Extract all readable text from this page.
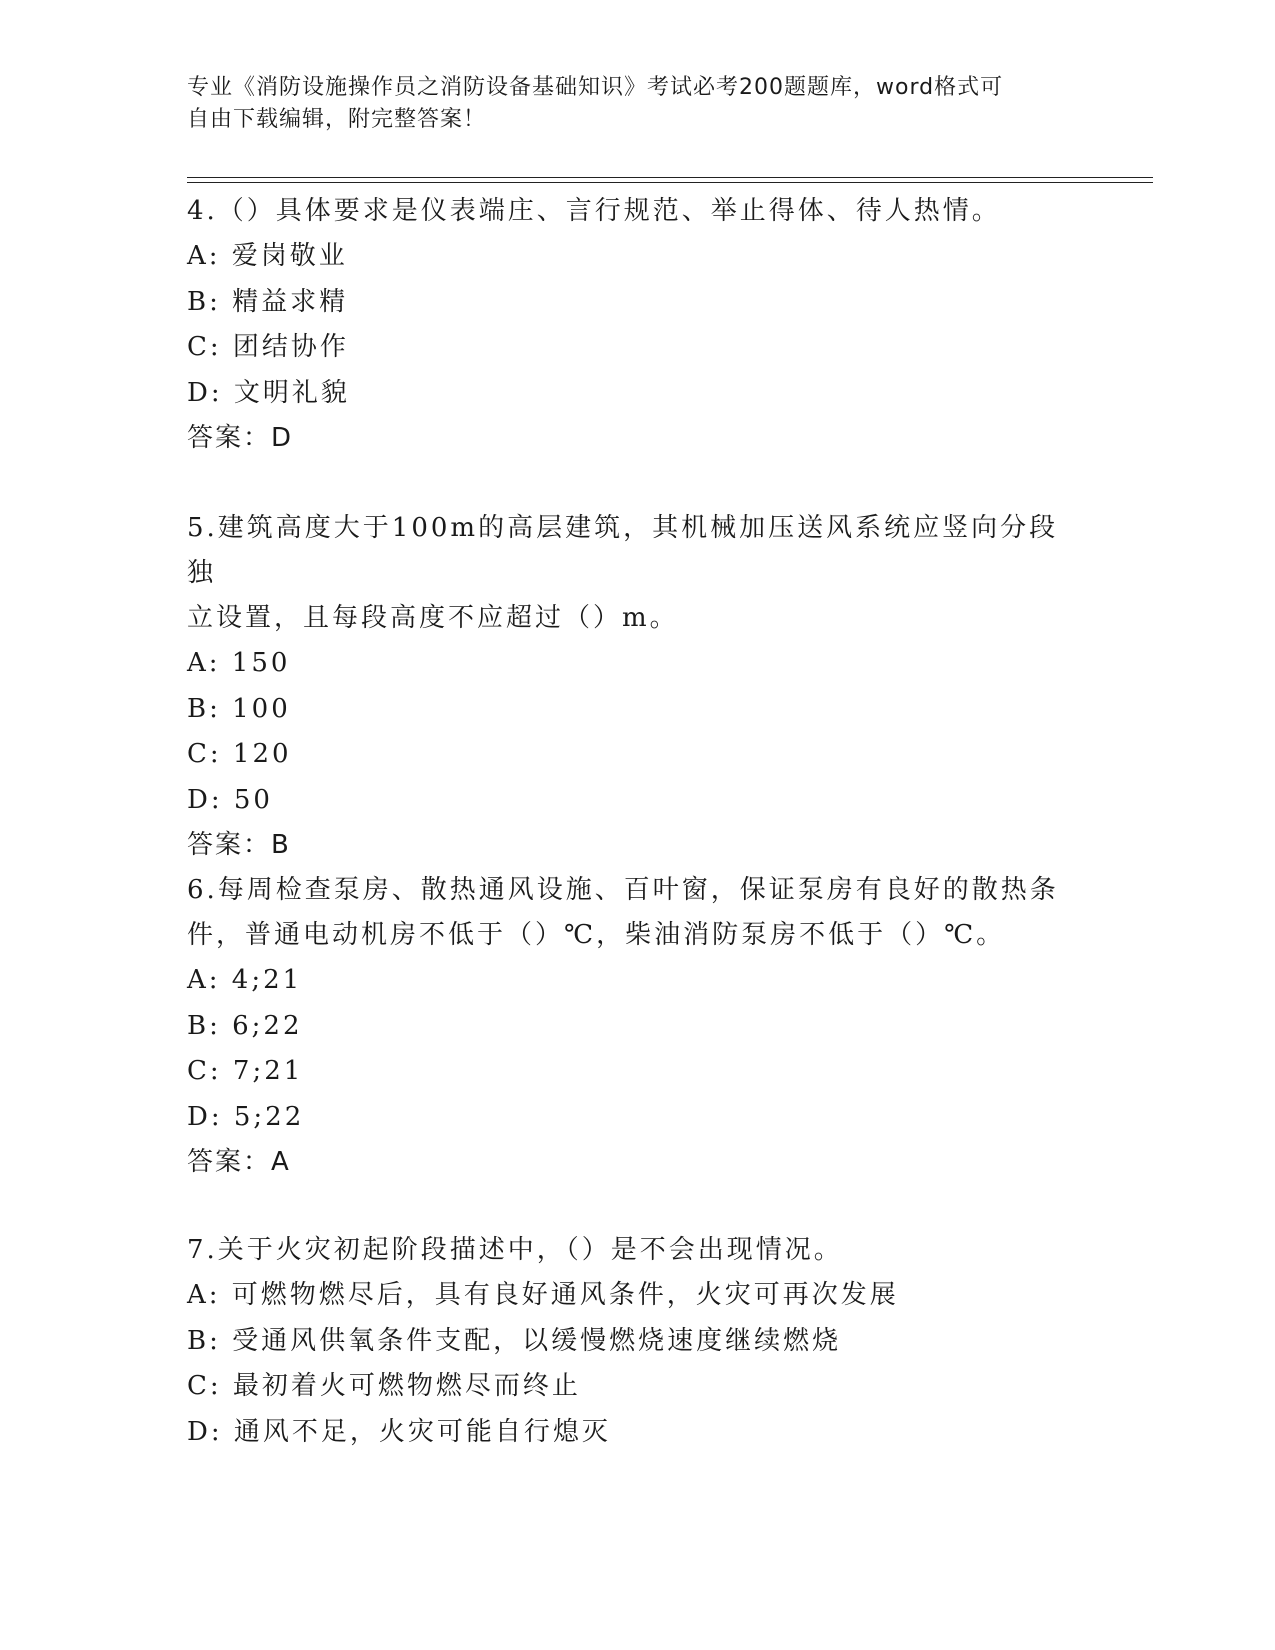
专业《消防设施操作员之消防设备基础知识》考试必考200题题库，word格式可
自由下载编辑，附完整答案！

4.（）具体要求是仪表端庄、言行规范、举止得体、待人热情。

A: 爱岗敬业

B: 精益求精

C: 团结协作

D: 文明礼貌

答案：D

5.建筑高度大于100m的高层建筑，其机械加压送风系统应竖向分段独

立设置，且每段高度不应超过（）m。

A: 150

B: 100

C: 120

D: 50

答案：B

6.每周检查泵房、散热通风设施、百叶窗，保证泵房有良好的散热条

件，普通电动机房不低于（）℃，柴油消防泵房不低于（）℃。

A: 4;21

B: 6;22

C: 7;21

D: 5;22

答案：A

7.关于火灾初起阶段描述中，（）是不会出现情况。

A: 可燃物燃尽后，具有良好通风条件，火灾可再次发展

B: 受通风供氧条件支配，以缓慢燃烧速度继续燃烧

C: 最初着火可燃物燃尽而终止

D: 通风不足，火灾可能自行熄灭
